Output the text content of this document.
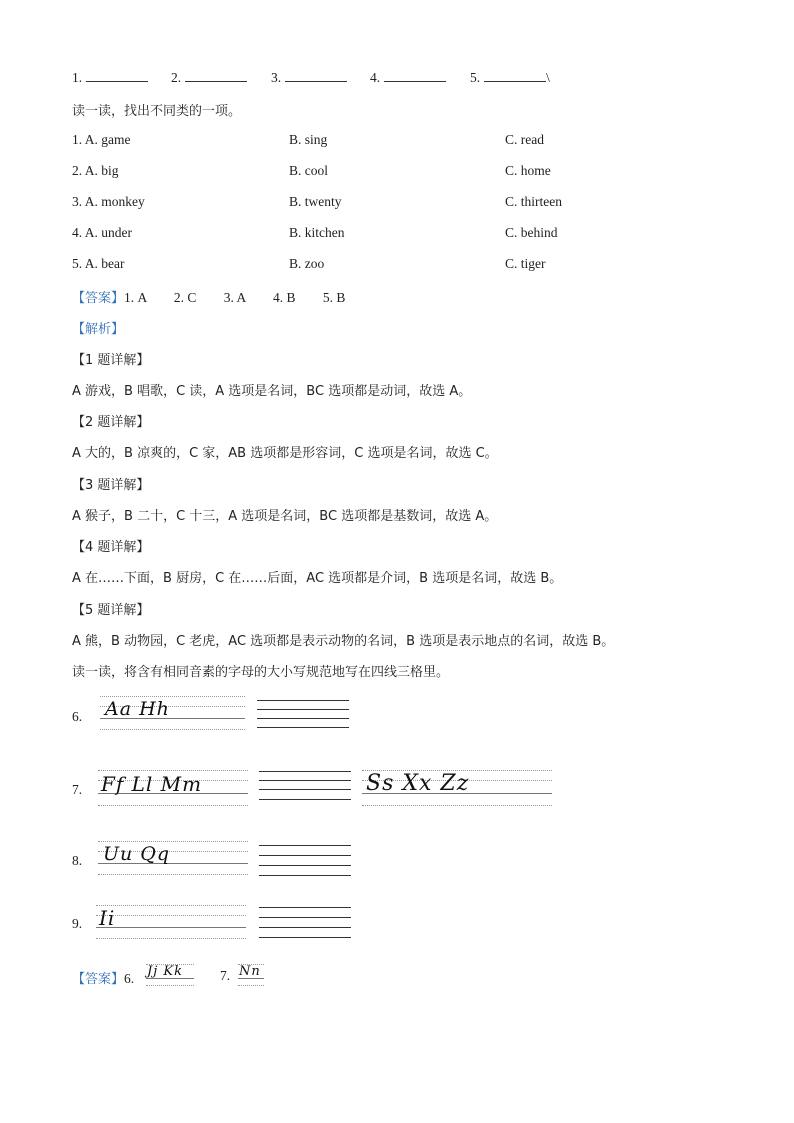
1.	2.	3.	4.	5.	\
读一读，找出不同类的一项。
1. A. game	B. sing	C. read
2. A. big	B. cool	C. home
3. A. monkey	B. twenty	C. thirteen
4. A. under	B. kitchen	C. behind
5. A. bear	B. zoo	C. tiger
【答案】1. A 2. C 3. A 4. B 5. B
【解析】
【1 题详解】
A 游戏，B 唱歌，C 读，A 选项是名词，BC 选项都是动词，故选 A。
【2 题详解】
A 大的，B 凉爽的，C 家，AB 选项都是形容词，C 选项是名词，故选 C。
【3 题详解】
A 猴子，B 二十，C 十三，A 选项是名词，BC 选项都是基数词，故选 A。
【4 题详解】
A 在……下面，B 厨房，C 在……后面，AC 选项都是介词，B 选项是名词，故选 B。
【5 题详解】
A 熊，B 动物园，C 老虎，AC 选项都是表示动物的名词，B 选项是表示地点的名词，故选 B。
读一读，将含有相同音素的字母的大小写规范地写在四线三格里。
6. Aa Hh
7. Ff Ll Mm	Ss Xx Zz
8. Uu Qq
9. Ii
【答案】6. Jj Kk	7. Nn
